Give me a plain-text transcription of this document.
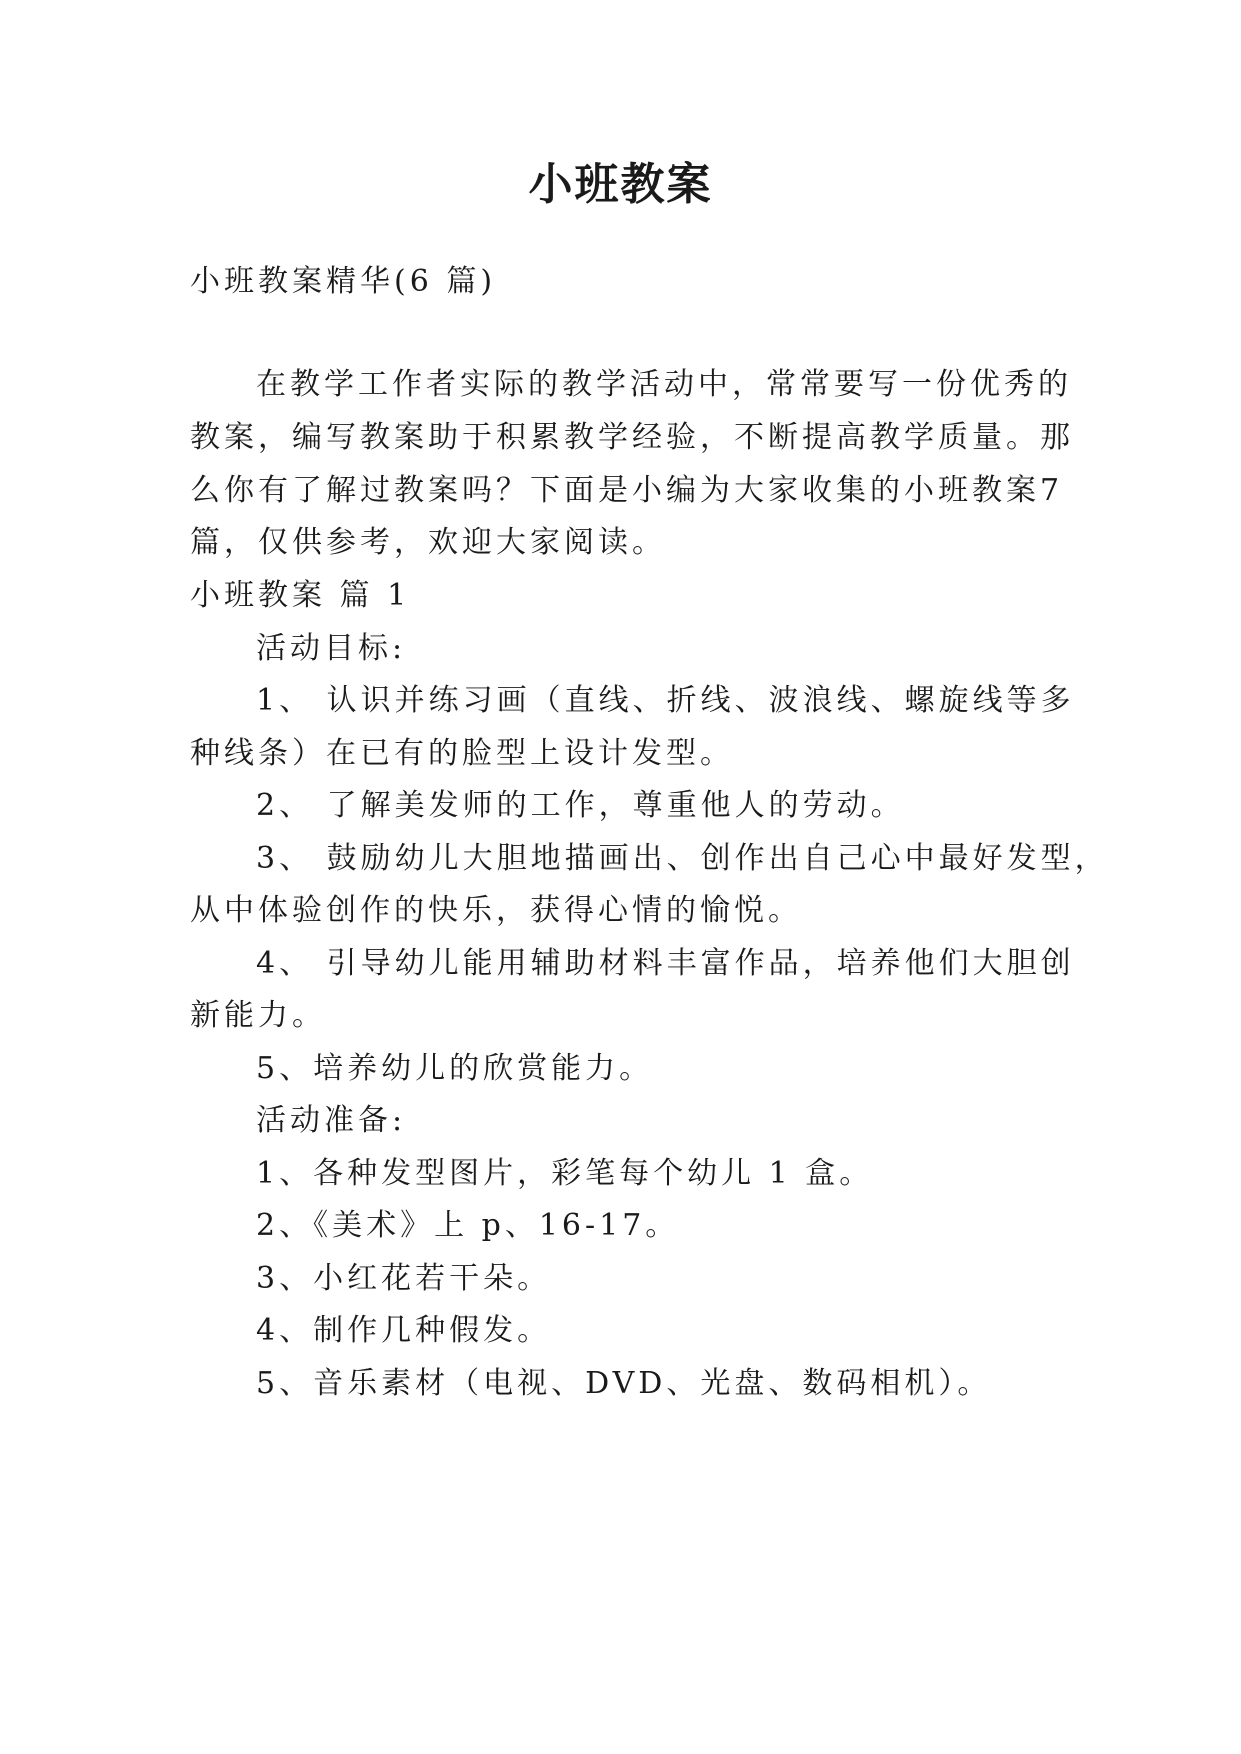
小班教案
小班教案精华(6 篇)
在教学工作者实际的教学活动中，常常要写一份优秀的
教案，编写教案助于积累教学经验，不断提高教学质量。那
么你有了解过教案吗？下面是小编为大家收集的小班教案7
篇，仅供参考，欢迎大家阅读。
小班教案 篇 1
活动目标:
1、 认识并练习画（直线、折线、波浪线、螺旋线等多
种线条）在已有的脸型上设计发型。
2、 了解美发师的工作，尊重他人的劳动。
3、 鼓励幼儿大胆地描画出、创作出自己心中最好发型，
从中体验创作的快乐，获得心情的愉悦。
4、 引导幼儿能用辅助材料丰富作品，培养他们大胆创
新能力。
5、培养幼儿的欣赏能力。
活动准备:
1、各种发型图片，彩笔每个幼儿 1 盒。
2、《美术》上 p、16-17。
3、小红花若干朵。
4、制作几种假发。
5、音乐素材（电视、DVD、光盘、数码相机）。
